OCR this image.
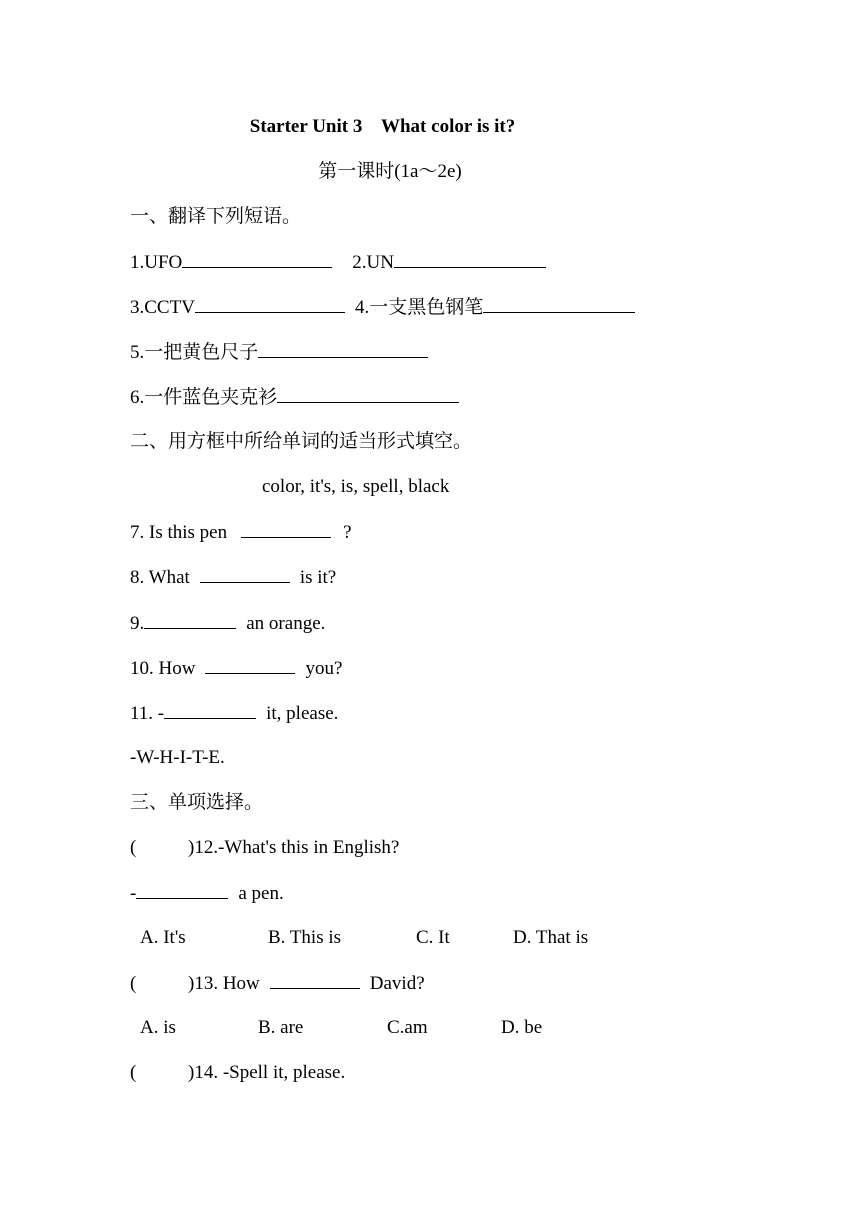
Starter Unit 3    What color is it?
第一课时(1a～2e)
一、翻译下列短语。
1.UFO	2.UN
3.CCTV	4.一支黑色钢笔
5.一把黄色尺子
6.一件蓝色夹克衫
二、用方框中所给单词的适当形式填空。
color, it's, is, spell, black
7. Is this pen	?
8. What	is it?
9.	an orange.
10. How	you?
11. -	it, please.
-W-H-I-T-E.
三、单项选择。
(	)12.-What's this in English?
-	a pen.
A. It's	B. This is	C. It	D. That is
(	)13. How	David?
A. is	B. are	C.am	D. be
(	)14. -Spell it, please.
